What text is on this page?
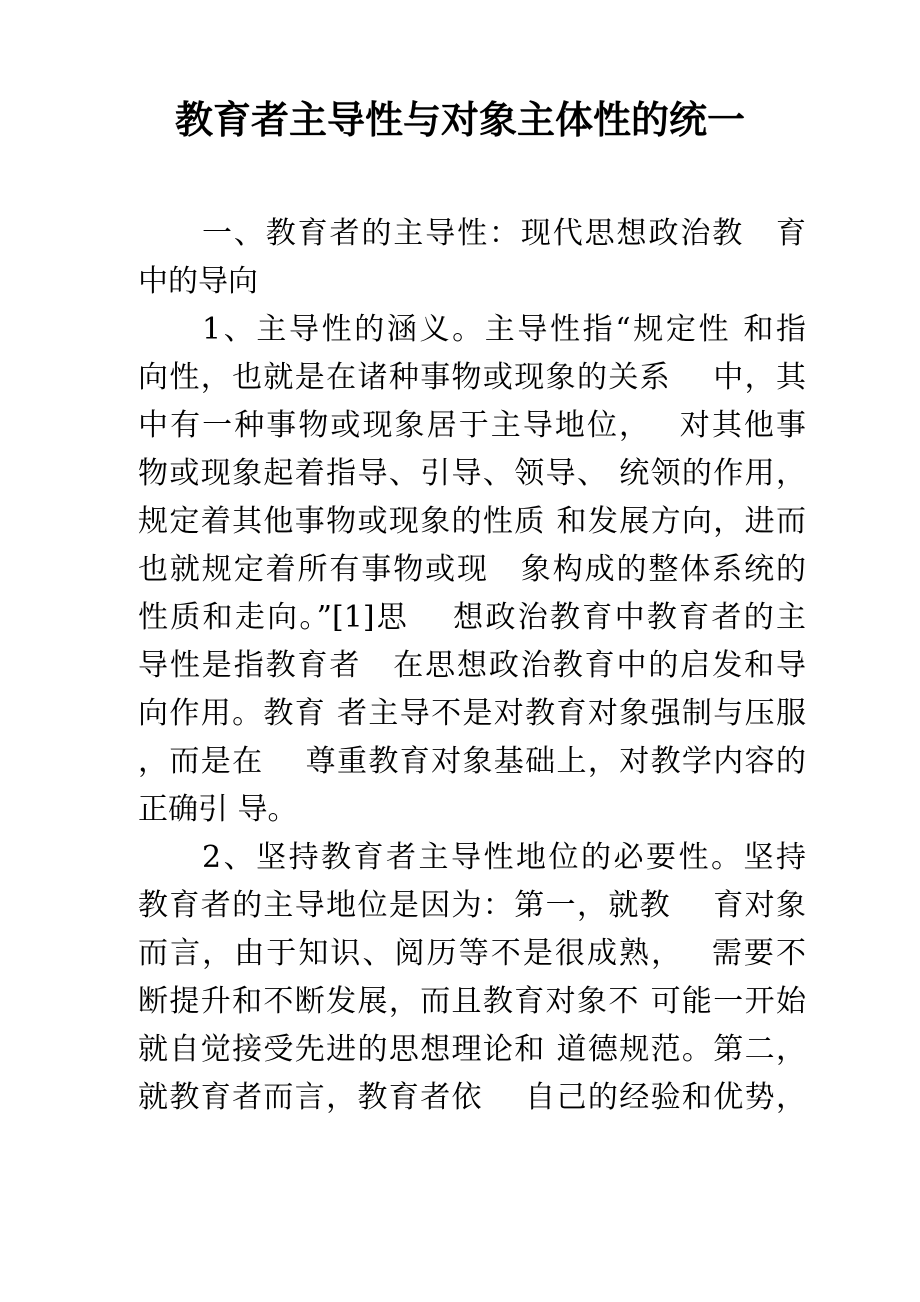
教育者主导性与对象主体性的统一
一、教育者的主导性：现代思想政治教　育
中的导向
1、主导性的涵义。主导性指“规定性 和指
向性，也就是在诸种事物或现象的关系　 中，其
中有一种事物或现象居于主导地位，　 对其他事
物或现象起着指导、引导、领导、 统领的作用，
规定着其他事物或现象的性质 和发展方向，进而
也就规定着所有事物或现　象构成的整体系统的
性质和走向。”[1]思　 想政治教育中教育者的主
导性是指教育者　在思想政治教育中的启发和导
向作用。教育 者主导不是对教育对象强制与压服
，而是在　 尊重教育对象基础上，对教学内容的
正确引 导。
2、坚持教育者主导性地位的必要性。坚持
教育者的主导地位是因为：第一，就教　 育对象
而言，由于知识、阅历等不是很成熟，　 需要不
断提升和不断发展，而且教育对象不 可能一开始
就自觉接受先进的思想理论和 道德规范。第二，
就教育者而言，教育者依　 自己的经验和优势，
